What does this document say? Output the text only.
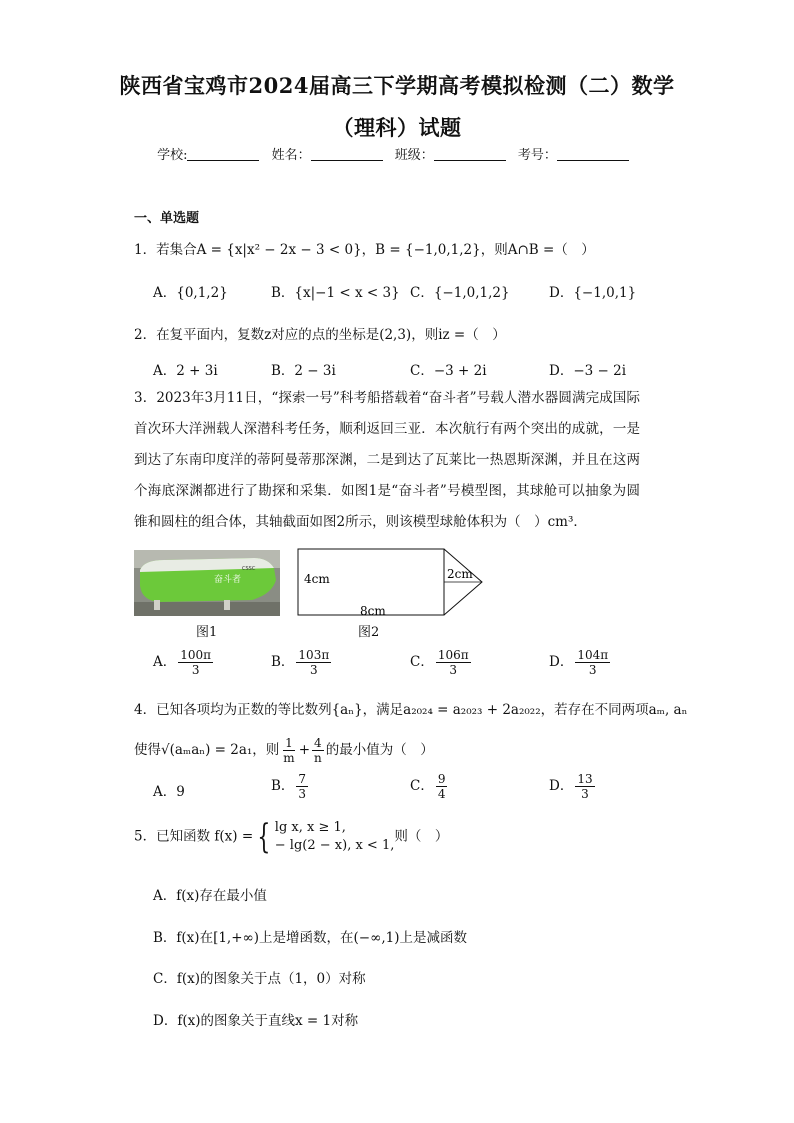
陕西省宝鸡市2024届高三下学期高考模拟检测（二）数学
（理科）试题
学校:	姓名：	班级：	考号：
一、单选题
1．若集合A = {x|x² − 2x − 3 < 0}，B = {−1,0,1,2}，则A∩B =（　）
A．{0,1,2}	B．{x|−1 < x < 3} C．{−1,0,1,2}	D．{−1,0,1}
2．在复平面内，复数z对应的点的坐标是(2,3)，则iz =（　）
A．2 + 3i	B．2 − 3i	C．−3 + 2i	D．−3 − 2i
3．2023年3月11日，“探索一号”科考船搭载着“奋斗者”号载人潜水器圆满完成国际首次环大洋洲载人深潜科考任务，顺利返回三亚．本次航行有两个突出的成就，一是到达了东南印度洋的蒂阿曼蒂那深渊，二是到达了瓦莱比一热恩斯深渊，并且在这两个海底深渊都进行了勘探和采集．如图1是“奋斗者”号模型图，其球舱可以抽象为圆锥和圆柱的组合体，其轴截面如图2所示，则该模型球舱体积为（　）cm³．
奋斗者
CSSC
图1
4cm
8cm
2cm
图2
A． $\frac{100\pi}{3}$	B． $\frac{103\pi}{3}$	C． $\frac{106\pi}{3}$	D． $\frac{104\pi}{3}$
4．已知各项均为正数的等比数列{aₙ}，满足a₂₀₂₄ = a₂₀₂₃ + 2a₂₀₂₂，若存在不同两项aₘ, aₙ
使得√(aₘaₙ) = 2a₁，则 $\frac{1}{m} + \frac{4}{n}$ 的最小值为（　）
A．9	B． $\frac{7}{3}$	C． $\frac{9}{4}$	D． $\frac{13}{3}$
5．已知函数 f(x) = { lg x, x ≥ 1,
− lg(2 − x), x < 1,则（　）
A．f(x)存在最小值
B．f(x)在[1,+∞)上是增函数，在(−∞,1)上是减函数
C．f(x)的图象关于点（1，0）对称
D．f(x)的图象关于直线x = 1对称
